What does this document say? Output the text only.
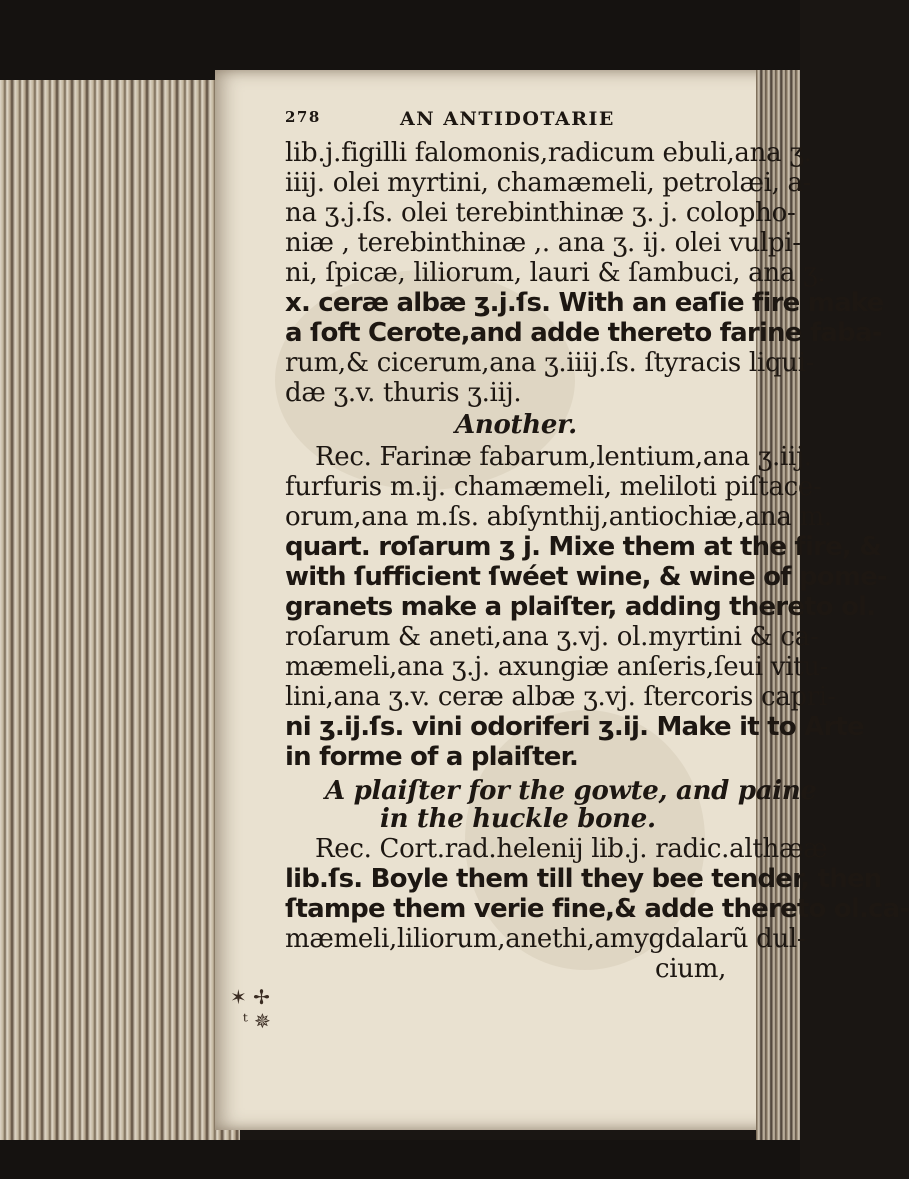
278	AN ANTIDOTARIE
lib.j.figilli falomonis,radicum ebuli,ana ʒ.
iiij. olei myrtini, chamæmeli, petrolæi, a-
na ʒ.j.ſs. olei terebinthinæ ʒ. j. colopho-
niæ , terebinthinæ ,. ana ʒ. ij. olei vulpi-
ni, ſpicæ, liliorum, lauri & ſambuci, ana ʒ.
x. ceræ albæ ʒ.j.ſs. With an eaſie fire make
a ſoft Cerote,and adde thereto farine faba-
rum,& cicerum,ana ʒ.iiij.ſs. ſtyracis liqui-
dæ ʒ.v. thuris ʒ.iij.
Another.
Rec. Farinæ fabarum,lentium,ana ʒ.iij.
furfuris m.ij. chamæmeli, meliloti piſtace-
orum,ana m.ſs. abſynthij,antiochiæ,ana m.
quart. roſarum ʒ j. Mixe them at the fire, &
with ſufficient ſwéet wine, & wine of pome-
granets make a plaiſter, adding thereto ol.
roſarum & aneti,ana ʒ.vj. ol.myrtini & ca-
mæmeli,ana ʒ.j. axungiæ anſeris,ſeui vitu-
lini,ana ʒ.v. ceræ albæ ʒ.vj. ſtercoris capri-
ni ʒ.ij.ſs. vini odoriferi ʒ.ij. Make it to Arte
in forme of a plaiſter.
A plaiſter for the gowte, and paine
in the huckle bone.
Rec. Cort.rad.helenij lib.j. radic.althææ
lib.ſs. Boyle them till they bee tender, then
ſtampe them verie fine,& adde thereto ol.ca-
mæmeli,liliorum,anethi,amygdalarũ dul-
cium,
✶ ✢
ᵗ ✵
